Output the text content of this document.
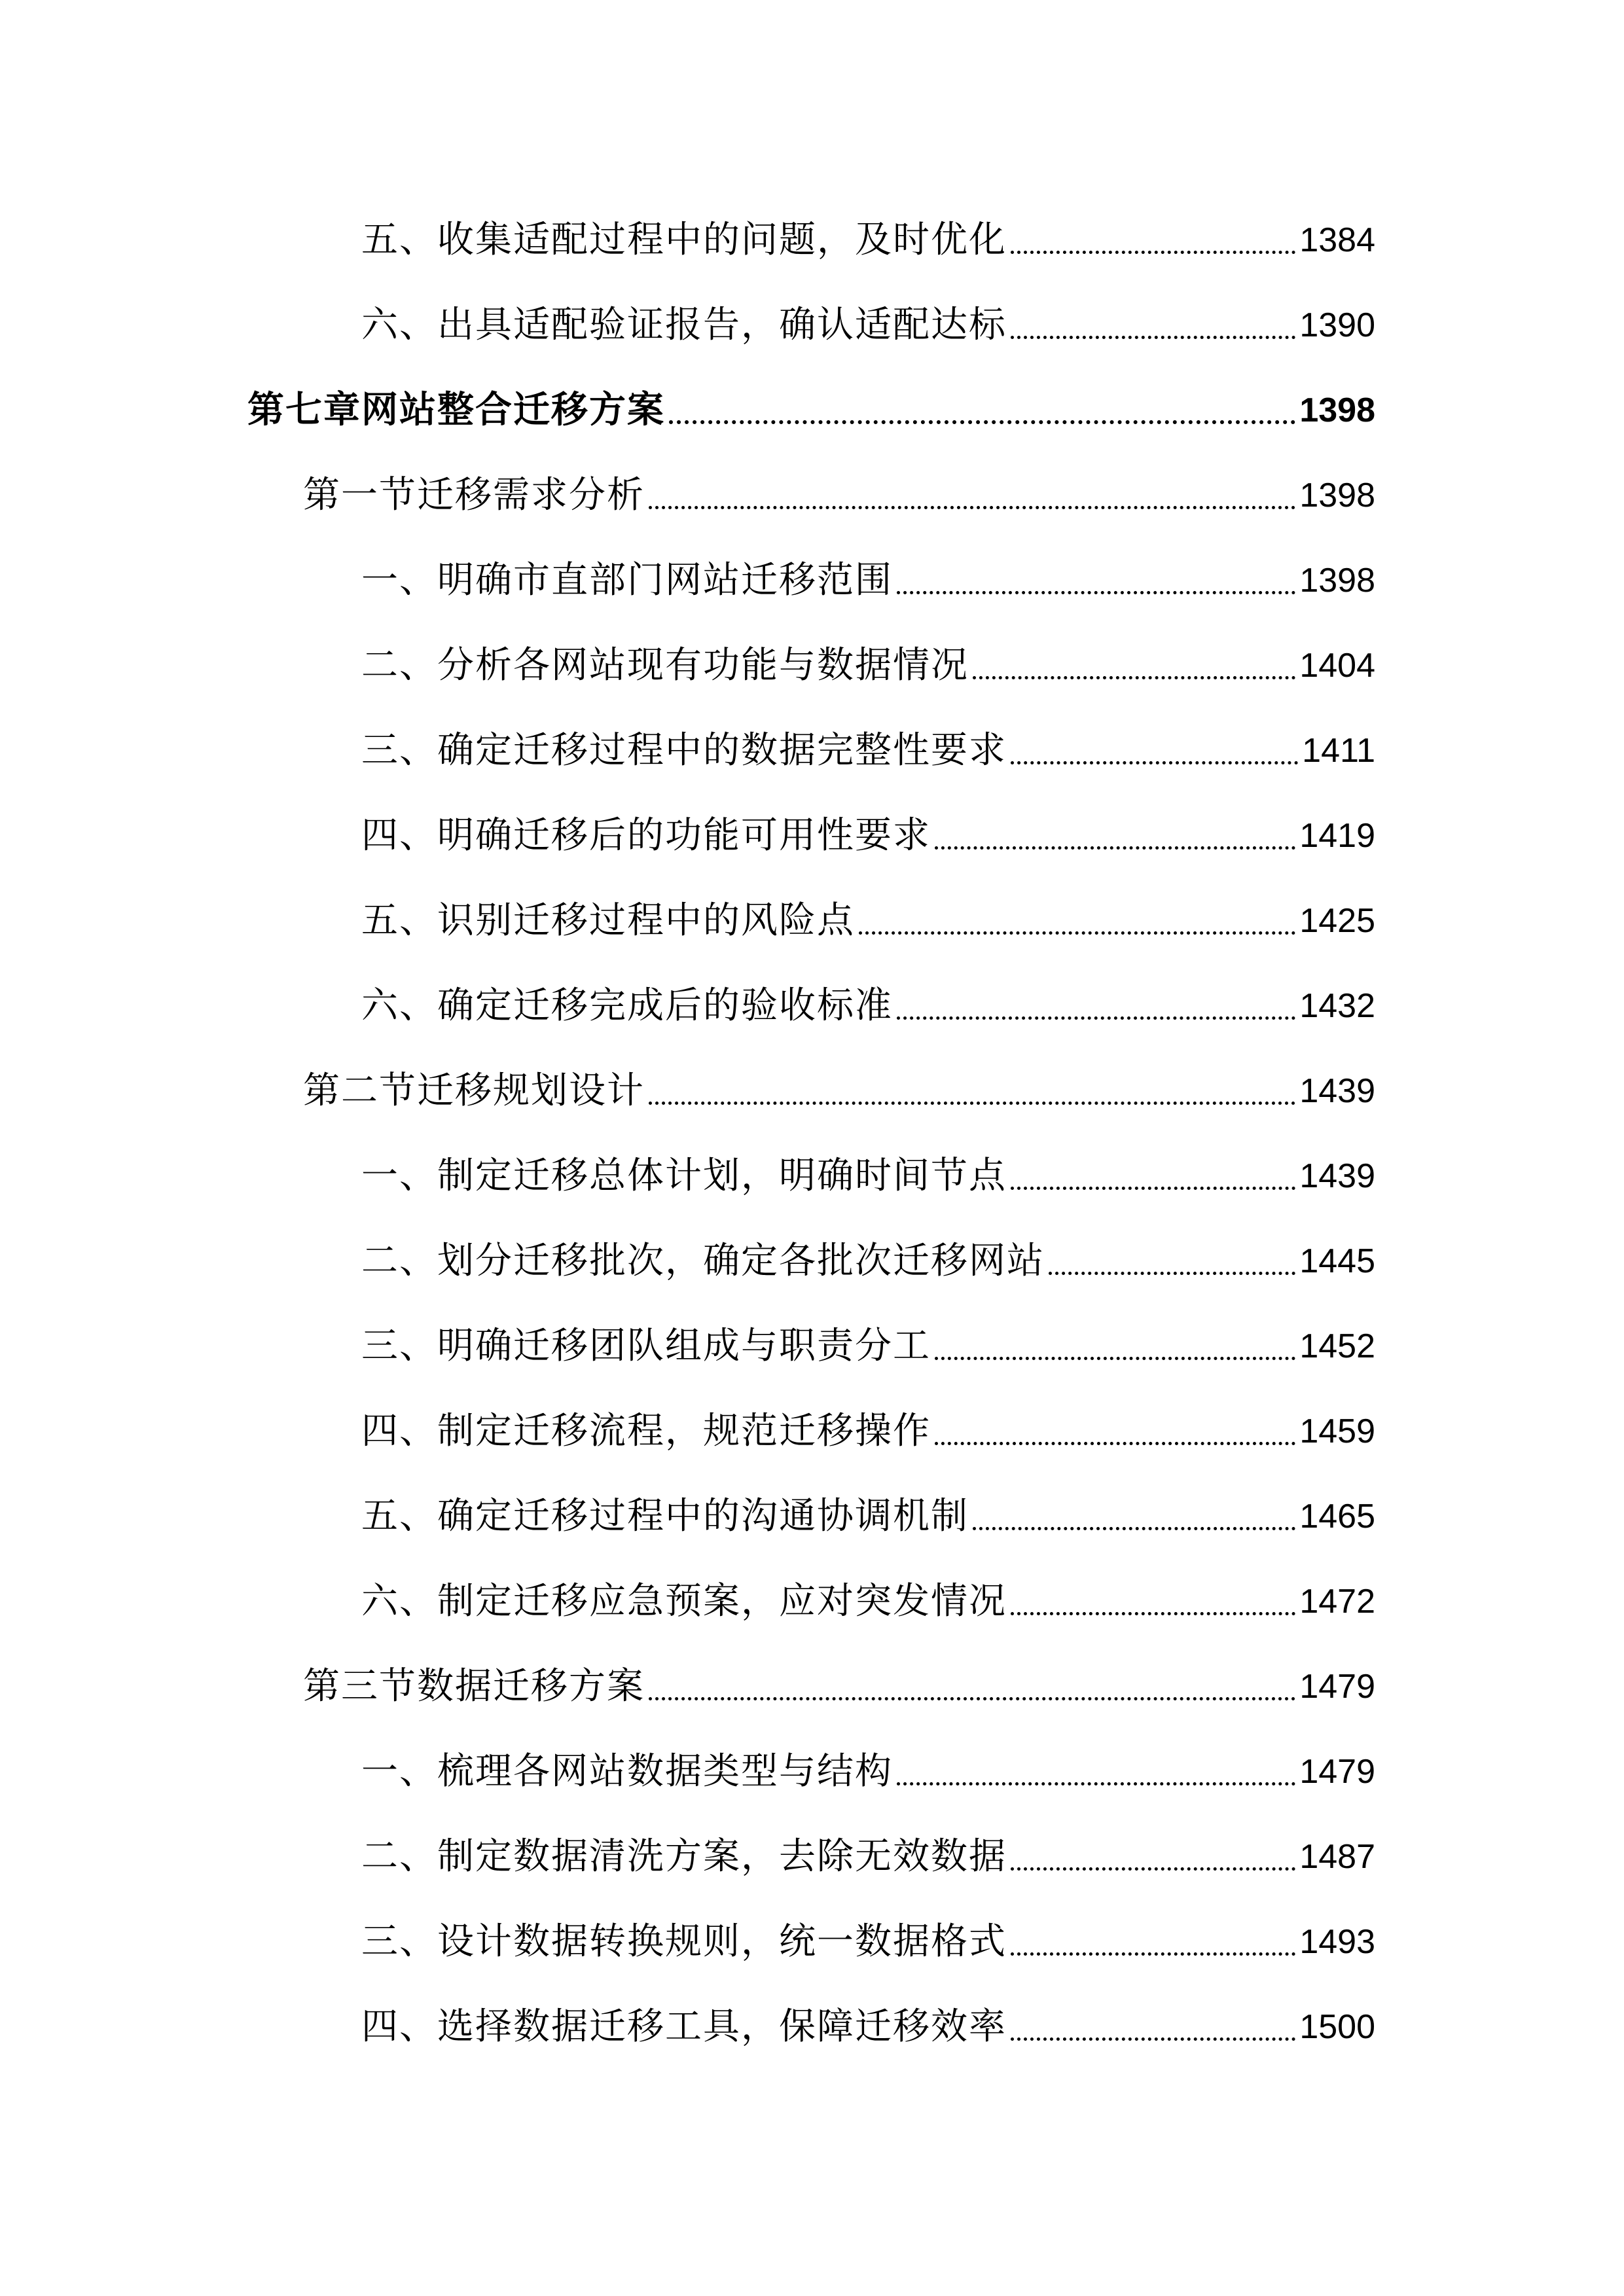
五、收集适配过程中的问题，及时优化	1384
六、出具适配验证报告，确认适配达标	1390
第七章网站整合迁移方案	1398
第一节迁移需求分析	1398
一、明确市直部门网站迁移范围	1398
二、分析各网站现有功能与数据情况	1404
三、确定迁移过程中的数据完整性要求	1411
四、明确迁移后的功能可用性要求	1419
五、识别迁移过程中的风险点	1425
六、确定迁移完成后的验收标准	1432
第二节迁移规划设计	1439
一、制定迁移总体计划，明确时间节点	1439
二、划分迁移批次，确定各批次迁移网站	1445
三、明确迁移团队组成与职责分工	1452
四、制定迁移流程，规范迁移操作	1459
五、确定迁移过程中的沟通协调机制	1465
六、制定迁移应急预案，应对突发情况	1472
第三节数据迁移方案	1479
一、梳理各网站数据类型与结构	1479
二、制定数据清洗方案，去除无效数据	1487
三、设计数据转换规则，统一数据格式	1493
四、选择数据迁移工具，保障迁移效率	1500
